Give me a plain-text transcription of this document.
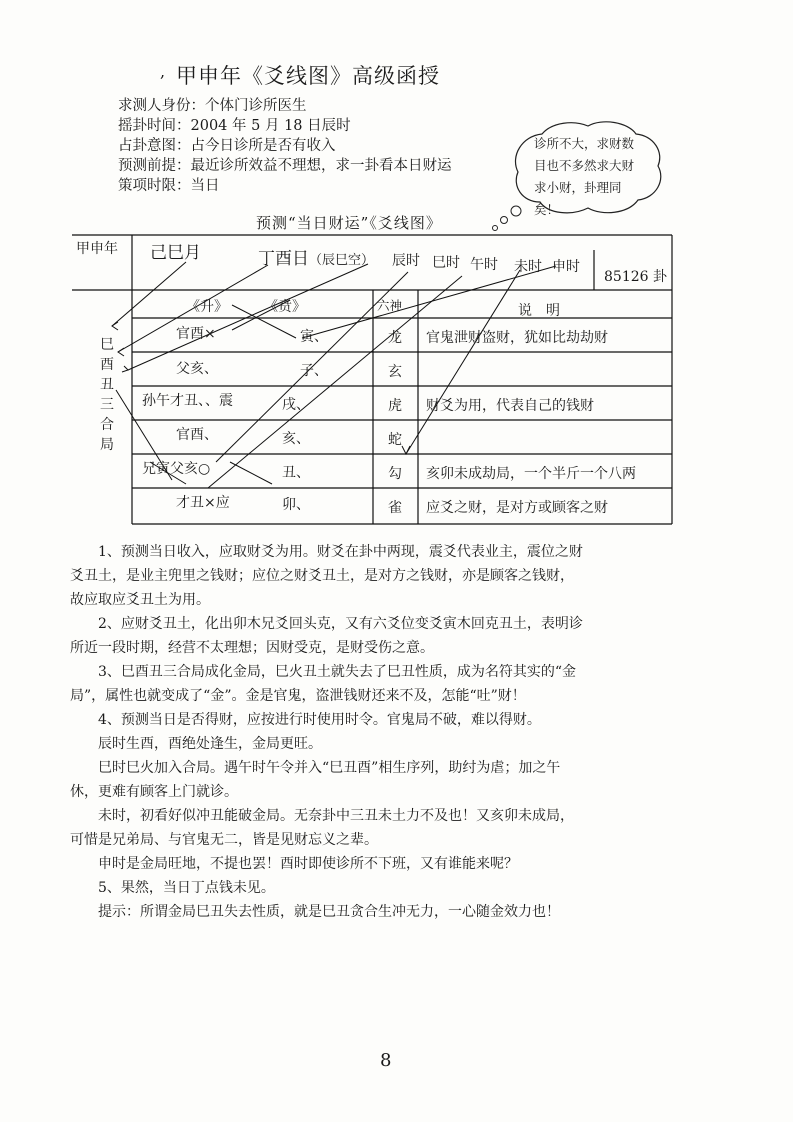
, 甲申年《爻线图》高级函授
求测人身份：个体门诊所医生
摇卦时间：2004 年 5 月 18 日辰时
占卦意图：占今日诊所是否有收入
预测前提：最近诊所效益不理想，求一卦看本日财运
策项时限：当日
诊所不大，求财数目也不多然求大财求小财，卦理同矣！
预测“当日财运”《爻线图》
甲申年 己巳月	丁酉日（辰巳空） 辰时 巳时 午时 未时 申时
85126 卦
《升》	《贲》	六神	说　明
巳
酉
丑
三
合
局
官酉×	寅、	龙 官鬼泄财盗财，犹如比劫劫财
父亥、	子、	玄
孙午才丑、、震	戌、	虎 财爻为用，代表自己的钱财
官酉、	亥、	蛇
兄寅父亥○	丑、	勾 亥卯未成劫局，一个半斤一个八两
才丑×应	卯、	雀 应爻之财，是对方或顾客之财
　　1、预测当日收入，应取财爻为用。财爻在卦中两现，震爻代表业主，震位之财
爻丑土，是业主兜里之钱财；应位之财爻丑土，是对方之钱财，亦是顾客之钱财，
故应取应爻丑土为用。
　　2、应财爻丑土，化出卯木兄爻回头克，又有六爻位变爻寅木回克丑土，表明诊
所近一段时期，经营不太理想；因财受克，是财受伤之意。
　　3、巳酉丑三合局成化金局，巳火丑土就失去了巳丑性质，成为名符其实的“金
局”，属性也就变成了“金”。金是官鬼，盗泄钱财还来不及，怎能“吐”财！
　　4、预测当日是否得财，应按进行时使用时令。官鬼局不破，难以得财。
　　辰时生酉，酉绝处逢生，金局更旺。
　　巳时巳火加入合局。遇午时午令并入“巳丑酉”相生序列，助纣为虐；加之午
休，更难有顾客上门就诊。
　　未时，初看好似冲丑能破金局。无奈卦中三丑未土力不及也！又亥卯未成局，
可惜是兄弟局、与官鬼无二，皆是见财忘义之辈。
　　申时是金局旺地，不提也罢！酉时即使诊所不下班，又有谁能来呢？
　　5、果然，当日丁点钱未见。
　　提示：所谓金局巳丑失去性质，就是巳丑贪合生冲无力，一心随金效力也！
8
